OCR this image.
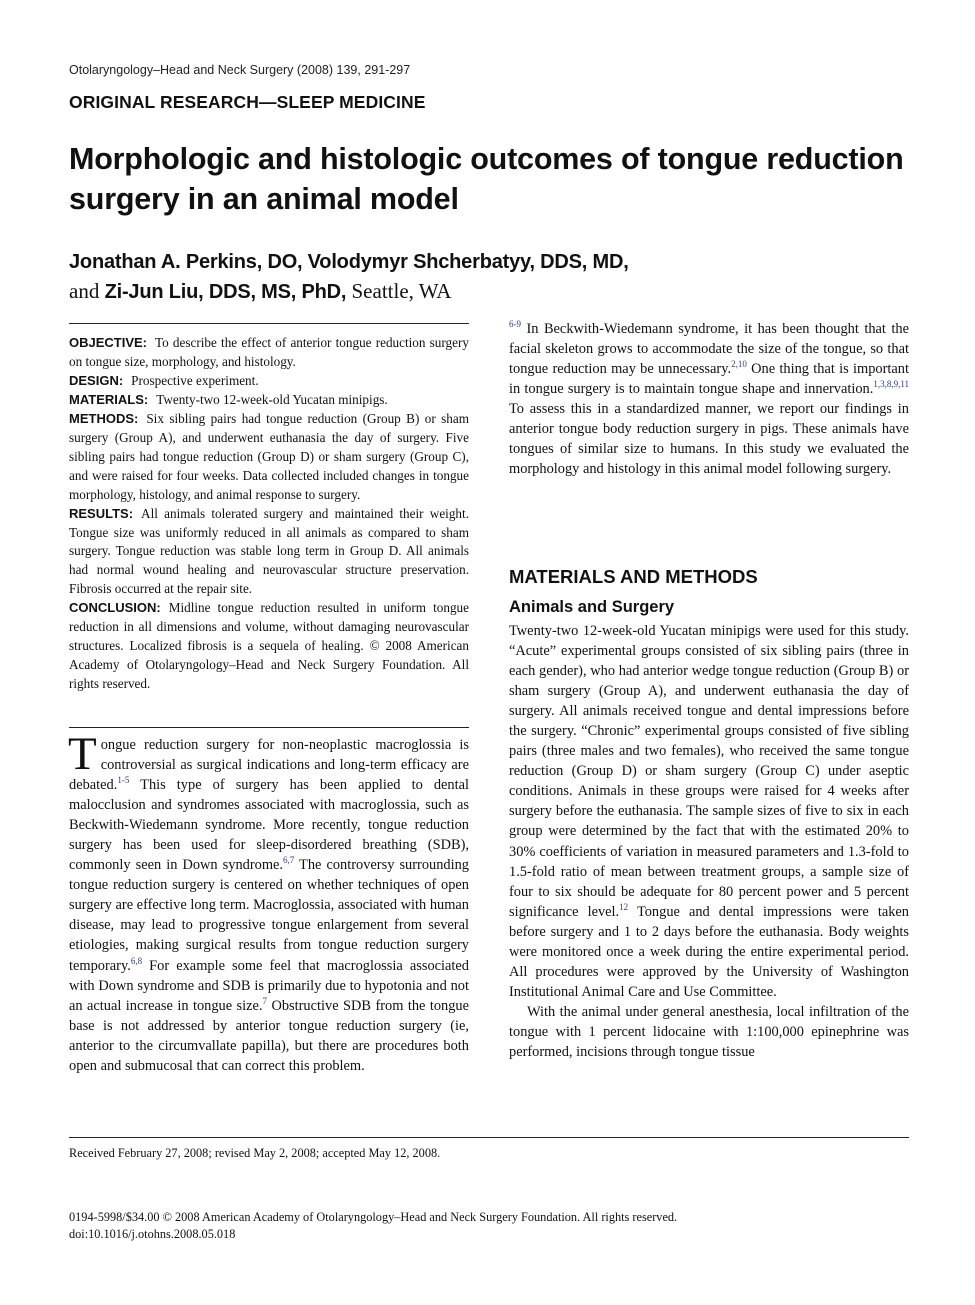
Otolaryngology–Head and Neck Surgery (2008) 139, 291-297
ORIGINAL RESEARCH—SLEEP MEDICINE
Morphologic and histologic outcomes of tongue reduction surgery in an animal model
Jonathan A. Perkins, DO, Volodymyr Shcherbatyy, DDS, MD,
and Zi-Jun Liu, DDS, MS, PhD, Seattle, WA

OBJECTIVE: To describe the effect of anterior tongue reduction surgery on tongue size, morphology, and histology.

DESIGN: Prospective experiment.

MATERIALS: Twenty-two 12-week-old Yucatan minipigs.

METHODS: Six sibling pairs had tongue reduction (Group B) or sham surgery (Group A), and underwent euthanasia the day of surgery. Five sibling pairs had tongue reduction (Group D) or sham surgery (Group C), and were raised for four weeks. Data collected included changes in tongue morphology, histology, and animal response to surgery.

RESULTS: All animals tolerated surgery and maintained their weight. Tongue size was uniformly reduced in all animals as compared to sham surgery. Tongue reduction was stable long term in Group D. All animals had normal wound healing and neurovascular structure preservation. Fibrosis occurred at the repair site.

CONCLUSION: Midline tongue reduction resulted in uniform tongue reduction in all dimensions and volume, without damaging neurovascular structures. Localized fibrosis is a sequela of healing. © 2008 American Academy of Otolaryngology–Head and Neck Surgery Foundation. All rights reserved.

Tongue reduction surgery for non-neoplastic macroglossia is controversial as surgical indications and long-term efficacy are debated.$^{1-5}$ This type of surgery has been applied to dental malocclusion and syndromes associated with macroglossia, such as Beckwith-Wiedemann syndrome. More recently, tongue reduction surgery has been used for sleep-disordered breathing (SDB), commonly seen in Down syndrome.$^{6,7}$ The controversy surrounding tongue reduction surgery is centered on whether techniques of open surgery are effective long term. Macroglossia, associated with human disease, may lead to progressive tongue enlargement from several etiologies, making surgical results from tongue reduction surgery temporary.$^{6,8}$ For example some feel that macroglossia associated with Down syndrome and SDB is primarily due to hypotonia and not an actual increase in tongue size.$^7$ Obstructive SDB from the tongue base is not addressed by anterior tongue reduction surgery (ie, anterior to the circumvallate papilla), but there are procedures both open and submucosal that can correct this problem.

$^{6-9}$ In Beckwith-Wiedemann syndrome, it has been thought that the facial skeleton grows to accommodate the size of the tongue, so that tongue reduction may be unnecessary.$^{2,10}$ One thing that is important in tongue surgery is to maintain tongue shape and innervation.$^{1,3,8,9,11}$ To assess this in a standardized manner, we report our findings in anterior tongue body reduction surgery in pigs. These animals have tongues of similar size to humans. In this study we evaluated the morphology and histology in this animal model following surgery.

MATERIALS AND METHODS
Animals and Surgery

Twenty-two 12-week-old Yucatan minipigs were used for this study. “Acute” experimental groups consisted of six sibling pairs (three in each gender), who had anterior wedge tongue reduction (Group B) or sham surgery (Group A), and underwent euthanasia the day of surgery. All animals received tongue and dental impressions before the surgery. “Chronic” experimental groups consisted of five sibling pairs (three males and two females), who received the same tongue reduction (Group D) or sham surgery (Group C) under aseptic conditions. Animals in these groups were raised for 4 weeks after surgery before the euthanasia. The sample sizes of five to six in each group were determined by the fact that with the estimated 20% to 30% coefficients of variation in measured parameters and 1.3-fold to 1.5-fold ratio of mean between treatment groups, a sample size of four to six should be adequate for 80 percent power and 5 percent significance level.$^{12}$ Tongue and dental impressions were taken before surgery and 1 to 2 days before the euthanasia. Body weights were monitored once a week during the entire experimental period. All procedures were approved by the University of Washington Institutional Animal Care and Use Committee.

With the animal under general anesthesia, local infiltration of the tongue with 1 percent lidocaine with 1:100,000 epinephrine was performed, incisions through tongue tissue

Received February 27, 2008; revised May 2, 2008; accepted May 12, 2008.
0194-5998/$34.00 © 2008 American Academy of Otolaryngology–Head and Neck Surgery Foundation. All rights reserved.
doi:10.1016/j.otohns.2008.05.018
